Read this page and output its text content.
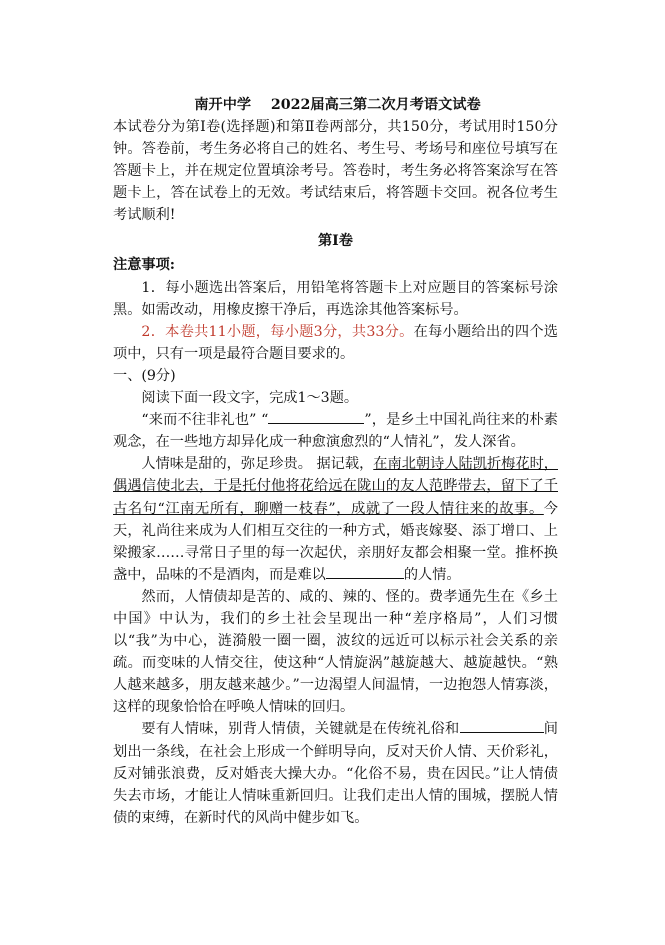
南开中学 2022届高三第二次月考语文试卷

本试卷分为第Ⅰ卷(选择题)和第Ⅱ卷两部分，共150分，考试用时150分钟。答卷前，考生务必将自己的姓名、考生号、考场号和座位号填写在答题卡上，并在规定位置填涂考号。答卷时，考生务必将答案涂写在答题卡上，答在试卷上的无效。考试结束后，将答题卡交回。祝各位考生考试顺利!

第Ⅰ卷
注意事项:

1．每小题选出答案后，用铅笔将答题卡上对应题目的答案标号涂黑。如需改动，用橡皮擦干净后，再选涂其他答案标号。

2．本卷共11小题，每小题3分，共33分。在每小题给出的四个选项中，只有一项是最符合题目要求的。

一、(9分)

阅读下面一段文字，完成1～3题。

“来而不往非礼也” “	”，是乡土中国礼尚往来的朴素观念，在一些地方却异化成一种愈演愈烈的“人情礼”，发人深省。

人情味是甜的，弥足珍贵。 据记载，在南北朝诗人陆凯折梅花时，偶遇信使北去，于是托付他将花给远在陇山的友人范晔带去，留下了千古名句“江南无所有，聊赠一枝春”，成就了一段人情往来的故事。今天，礼尚往来成为人们相互交往的一种方式，婚丧嫁娶、添丁增口、上梁搬家……寻常日子里的每一次起伏，亲朋好友都会相聚一堂。推杯换盏中，品味的不是酒肉，而是难以	的人情。

然而，人情债却是苦的、咸的、辣的、怪的。费孝通先生在《乡土中国》中认为，我们的乡土社会呈现出一种“差序格局”，人们习惯以“我”为中心，涟漪般一圈一圈，波纹的远近可以标示社会关系的亲疏。而变味的人情交往，使这种“人情旋涡”越旋越大、越旋越快。“熟人越来越多，朋友越来越少。”一边渴望人间温情，一边抱怨人情寡淡，这样的现象恰恰在呼唤人情味的回归。

要有人情味，别背人情债，关键就是在传统礼俗和	间划出一条线，在社会上形成一个鲜明导向，反对天价人情、天价彩礼，反对铺张浪费，反对婚丧大操大办。“化俗不易，贵在因民。”让人情债失去市场，才能让人情味重新回归。让我们走出人情的围城，摆脱人情债的束缚，在新时代的风尚中健步如飞。
